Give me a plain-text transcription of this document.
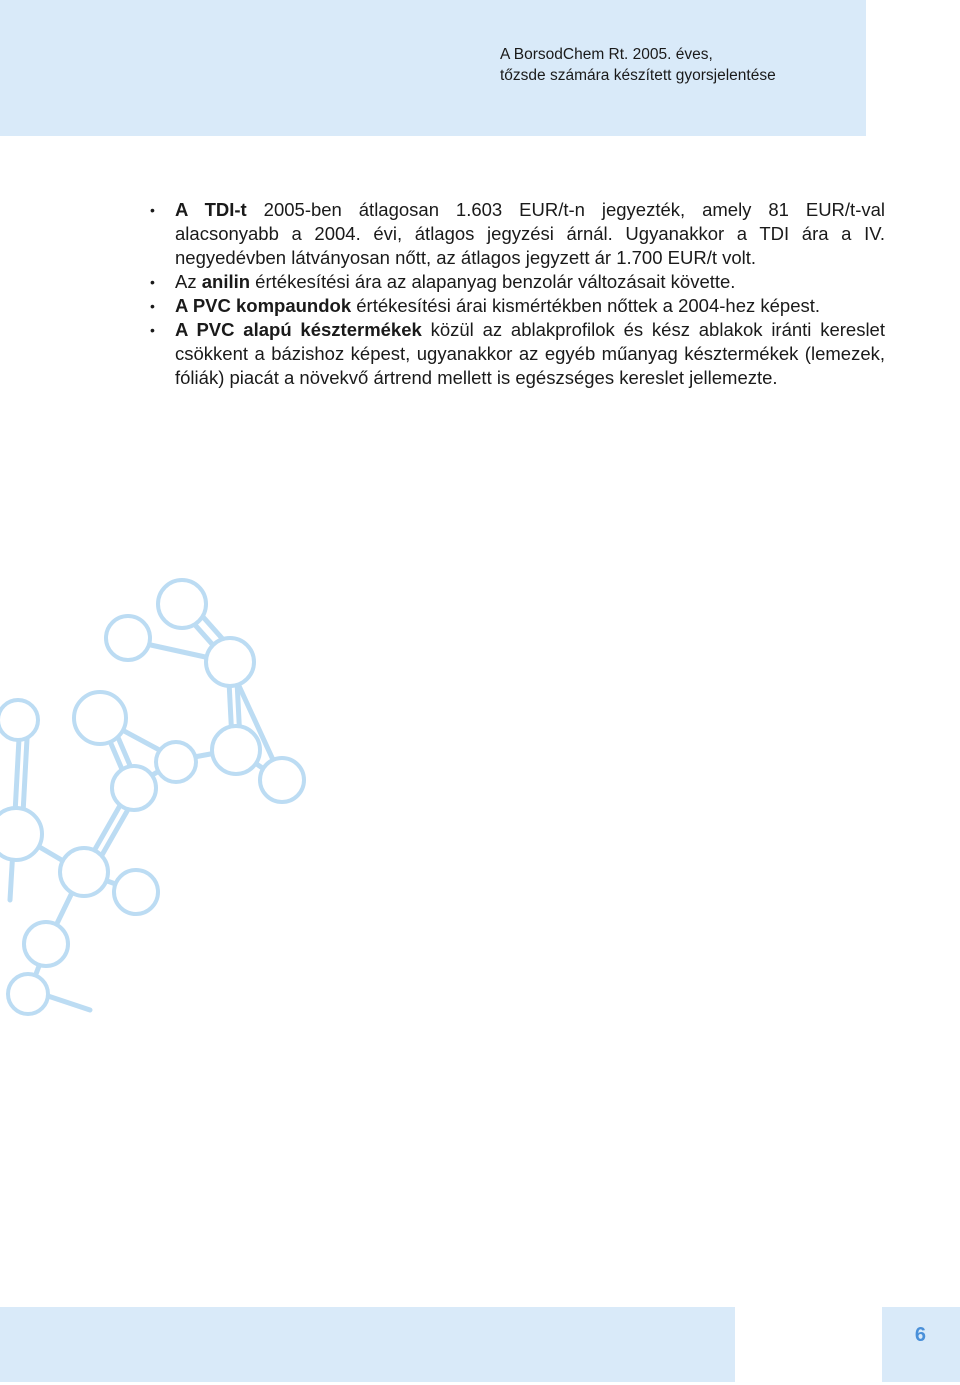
A BorsodChem Rt. 2005. éves,
tőzsde számára készített gyorsjelentése
• A TDI-t 2005-ben átlagosan 1.603 EUR/t-n jegyezték, amely 81 EUR/t-val alacsonyabb a 2004. évi, átlagos jegyzési árnál. Ugyanakkor a TDI ára a IV. negyedévben látványosan nőtt, az átlagos jegyzett ár 1.700 EUR/t volt.
• Az anilin értékesítési ára az alapanyag benzolár változásait követte.
• A PVC kompaundok értékesítési árai kismértékben nőttek a 2004-hez képest.
• A PVC alapú késztermékek közül az ablakprofilok és kész ablakok iránti kereslet csökkent a bázishoz képest, ugyanakkor az egyéb műanyag késztermékek (lemezek, fóliák) piacát a növekvő ártrend mellett is egészséges kereslet jellemezte.
6
